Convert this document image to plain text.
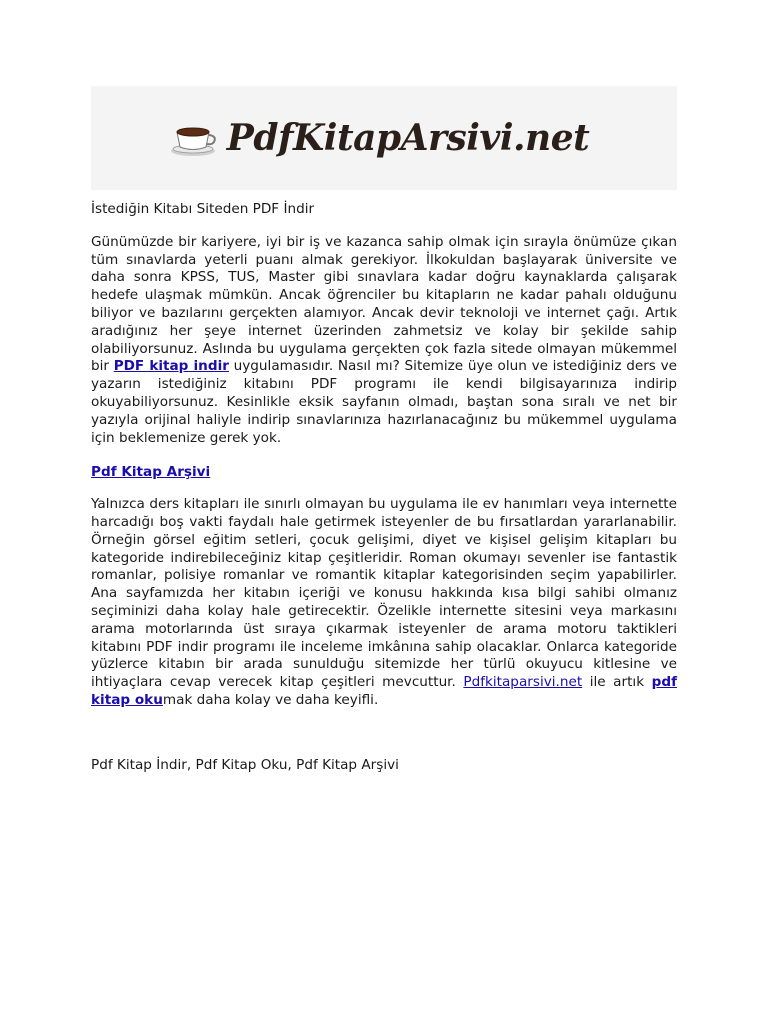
PdfKitapArsivi.net
İstediğin Kitabı Siteden PDF İndir

Günümüzde bir kariyere, iyi bir iş ve kazanca sahip olmak için sırayla önümüze çıkan tüm sınavlarda yeterli puanı almak gerekiyor. İlkokuldan başlayarak üniversite ve daha sonra KPSS, TUS, Master gibi sınavlara kadar doğru kaynaklarda çalışarak hedefe ulaşmak mümkün. Ancak öğrenciler bu kitapların ne kadar pahalı olduğunu biliyor ve bazılarını gerçekten alamıyor. Ancak devir teknoloji ve internet çağı. Artık aradığınız her şeye internet üzerinden zahmetsiz ve kolay bir şekilde sahip olabiliyorsunuz. Aslında bu uygulama gerçekten çok fazla sitede olmayan mükemmel bir PDF kitap indir uygulamasıdır. Nasıl mı? Sitemize üye olun ve istediğiniz ders ve yazarın istediğiniz kitabını PDF programı ile kendi bilgisayarınıza indirip okuyabiliyorsunuz. Kesinlikle eksik sayfanın olmadı, baştan sona sıralı ve net bir yazıyla orijinal haliyle indirip sınavlarınıza hazırlanacağınız bu mükemmel uygulama için beklemenize gerek yok.

Pdf Kitap Arşivi

Yalnızca ders kitapları ile sınırlı olmayan bu uygulama ile ev hanımları veya internette harcadığı boş vakti faydalı hale getirmek isteyenler de bu fırsatlardan yararlanabilir. Örneğin görsel eğitim setleri, çocuk gelişimi, diyet ve kişisel gelişim kitapları bu kategoride indirebileceğiniz kitap çeşitleridir. Roman okumayı sevenler ise fantastik romanlar, polisiye romanlar ve romantik kitaplar kategorisinden seçim yapabilirler. Ana sayfamızda her kitabın içeriği ve konusu hakkında kısa bilgi sahibi olmanız seçiminizi daha kolay hale getirecektir. Özelikle internette sitesini veya markasını arama motorlarında üst sıraya çıkarmak isteyenler de arama motoru taktikleri kitabını PDF indir programı ile inceleme imkânına sahip olacaklar. Onlarca kategoride yüzlerce kitabın bir arada sunulduğu sitemizde her türlü okuyucu kitlesine ve ihtiyaçlara cevap verecek kitap çeşitleri mevcuttur. Pdfkitaparsivi.net ile artık pdf kitap okumak daha kolay ve daha keyifli.

Pdf Kitap İndir, Pdf Kitap Oku, Pdf Kitap Arşivi
